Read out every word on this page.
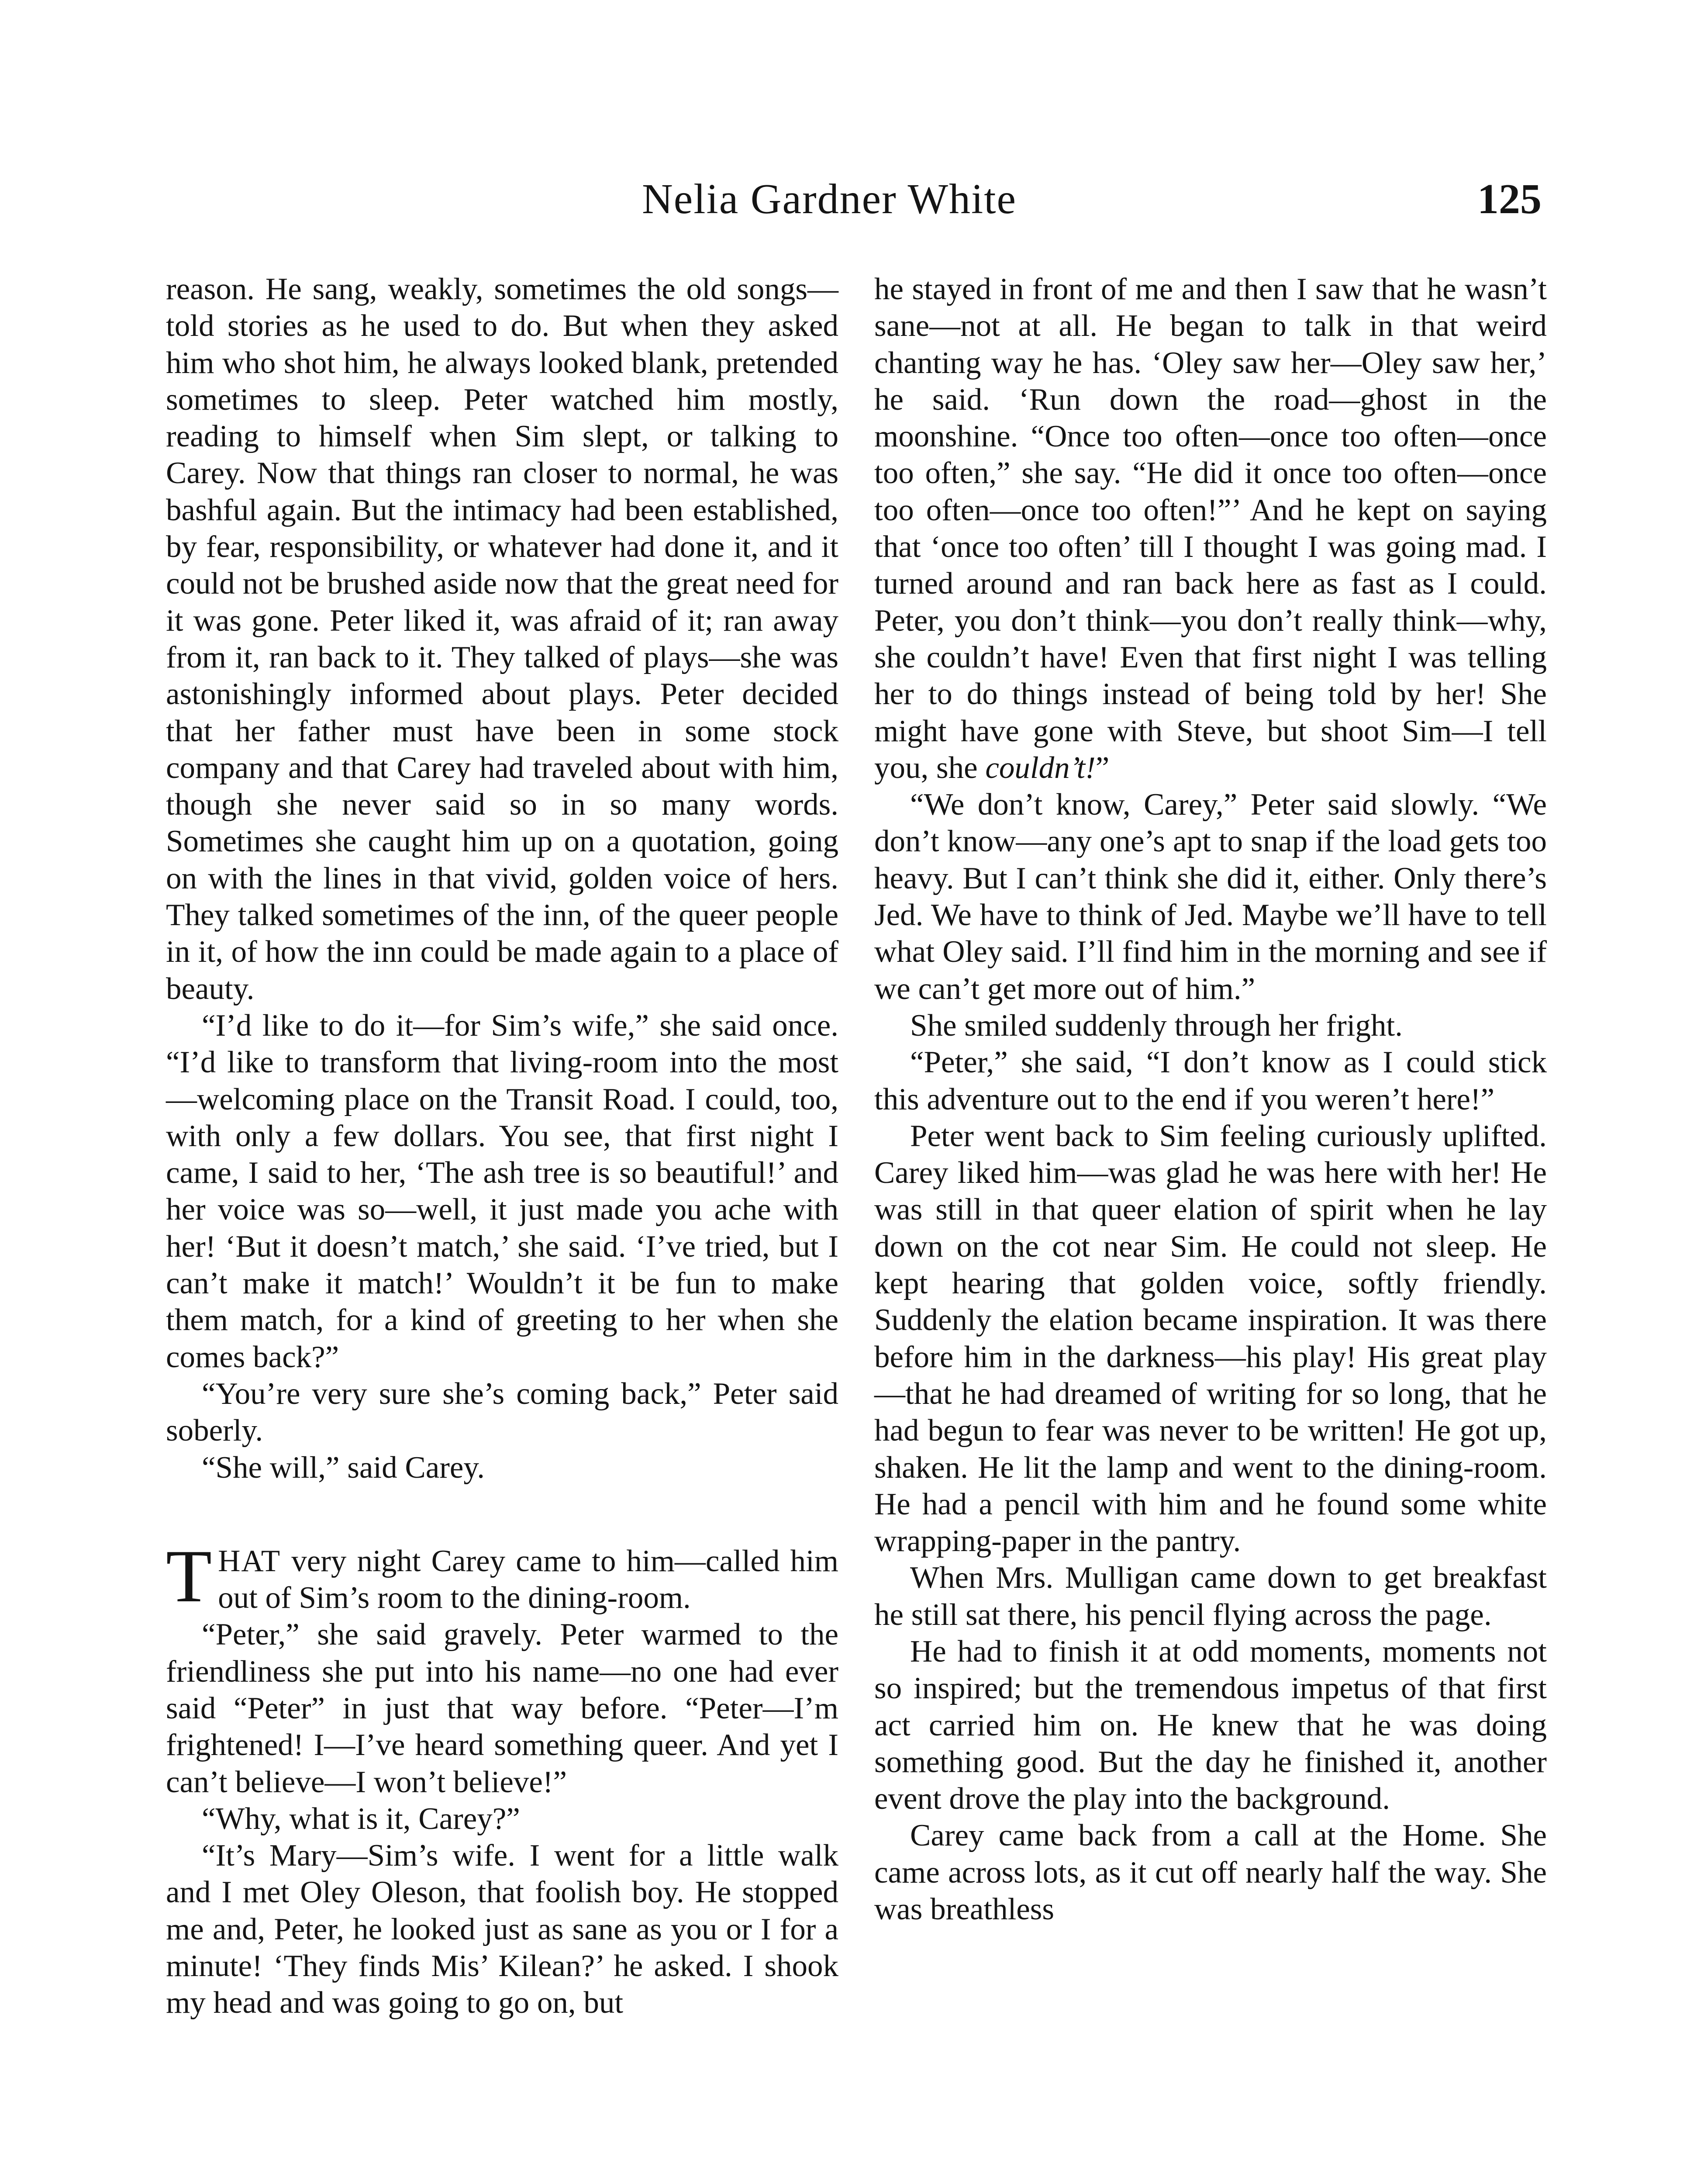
Nelia Gardner White	125

reason. He sang, weakly, sometimes the old songs—told stories as he used to do. But when they asked him who shot him, he always looked blank, pretended sometimes to sleep. Peter watched him mostly, reading to himself when Sim slept, or talking to Carey. Now that things ran closer to normal, he was bashful again. But the intimacy had been established, by fear, responsibility, or whatever had done it, and it could not be brushed aside now that the great need for it was gone. Peter liked it, was afraid of it; ran away from it, ran back to it. They talked of plays—she was astonishingly informed about plays. Peter decided that her father must have been in some stock company and that Carey had traveled about with him, though she never said so in so many words. Sometimes she caught him up on a quotation, going on with the lines in that vivid, golden voice of hers. They talked sometimes of the inn, of the queer people in it, of how the inn could be made again to a place of beauty.

“I’d like to do it—for Sim’s wife,” she said once. “I’d like to transform that living-room into the most—welcoming place on the Transit Road. I could, too, with only a few dollars. You see, that first night I came, I said to her, ‘The ash tree is so beautiful!’ and her voice was so—well, it just made you ache with her! ‘But it doesn’t match,’ she said. ‘I’ve tried, but I can’t make it match!’ Wouldn’t it be fun to make them match, for a kind of greeting to her when she comes back?”

“You’re very sure she’s coming back,” Peter said soberly.

“She will,” said Carey.

THAT very night Carey came to him—called him out of Sim’s room to the dining-room.

“Peter,” she said gravely. Peter warmed to the friendliness she put into his name—no one had ever said “Peter” in just that way before. “Peter—I’m frightened! I—I’ve heard something queer. And yet I can’t believe—I won’t believe!”

“Why, what is it, Carey?”

“It’s Mary—Sim’s wife. I went for a little walk and I met Oley Oleson, that foolish boy. He stopped me and, Peter, he looked just as sane as you or I for a minute! ‘They finds Mis’ Kilean?’ he asked. I shook my head and was going to go on, but

he stayed in front of me and then I saw that he wasn’t sane—not at all. He began to talk in that weird chanting way he has. ‘Oley saw her—Oley saw her,’ he said. ‘Run down the road—ghost in the moonshine. “Once too often—once too often—once too often,” she say. “He did it once too often—once too often—once too often!”’ And he kept on saying that ‘once too often’ till I thought I was going mad. I turned around and ran back here as fast as I could. Peter, you don’t think—you don’t really think—why, she couldn’t have! Even that first night I was telling her to do things instead of being told by her! She might have gone with Steve, but shoot Sim—I tell you, she couldn’t!”

“We don’t know, Carey,” Peter said slowly. “We don’t know—any one’s apt to snap if the load gets too heavy. But I can’t think she did it, either. Only there’s Jed. We have to think of Jed. Maybe we’ll have to tell what Oley said. I’ll find him in the morning and see if we can’t get more out of him.”

She smiled suddenly through her fright.

“Peter,” she said, “I don’t know as I could stick this adventure out to the end if you weren’t here!”

Peter went back to Sim feeling curiously uplifted. Carey liked him—was glad he was here with her! He was still in that queer elation of spirit when he lay down on the cot near Sim. He could not sleep. He kept hearing that golden voice, softly friendly. Suddenly the elation became inspiration. It was there before him in the darkness—his play! His great play—that he had dreamed of writing for so long, that he had begun to fear was never to be written! He got up, shaken. He lit the lamp and went to the dining-room. He had a pencil with him and he found some white wrapping-paper in the pantry.

When Mrs. Mulligan came down to get breakfast he still sat there, his pencil flying across the page.

He had to finish it at odd moments, moments not so inspired; but the tremendous impetus of that first act carried him on. He knew that he was doing something good. But the day he finished it, another event drove the play into the background.

Carey came back from a call at the Home. She came across lots, as it cut off nearly half the way. She was breathless
